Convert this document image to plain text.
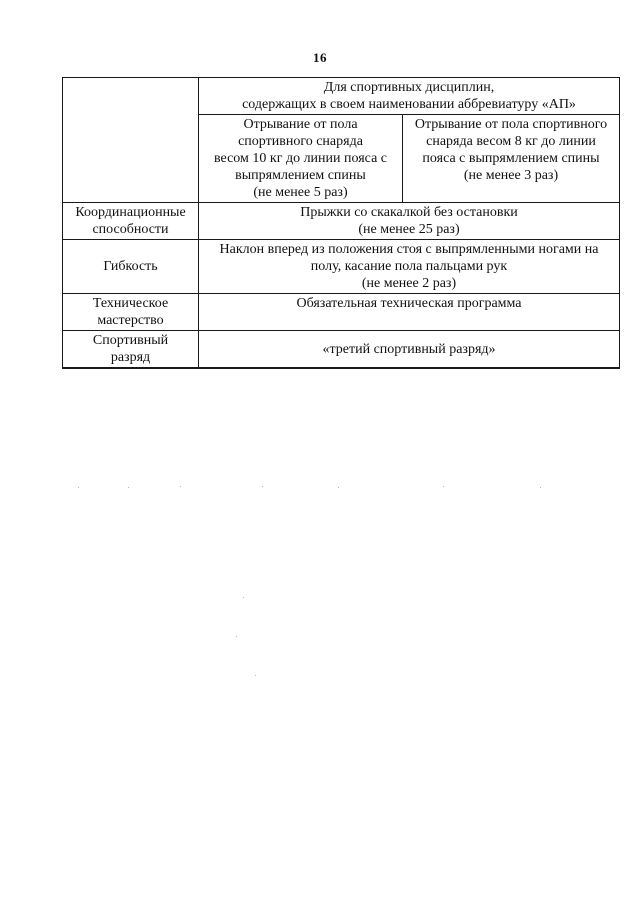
16

	Для спортивных дисциплин,
содержащих в своем наименовании аббревиатуру «АП»	

	Отрывание от пола
спортивного снаряда
весом 10 кг до линии пояса с
выпрямлением спины
(не менее 5 раз)	Отрывание от пола спортивного
снаряда весом 8 кг до линии
пояса с выпрямлением спины
(не менее 3 раз)

Координационные
способности	Прыжки со скакалкой без остановки
(не менее 25 раз)	

Гибкость	Наклон вперед из положения стоя с выпрямленными ногами на
полу, касание пола пальцами рук
(не менее 2 раз)	

Техническое
мастерство	Обязательная техническая программа	

Спортивный
разряд	«третий спортивный разряд»	
